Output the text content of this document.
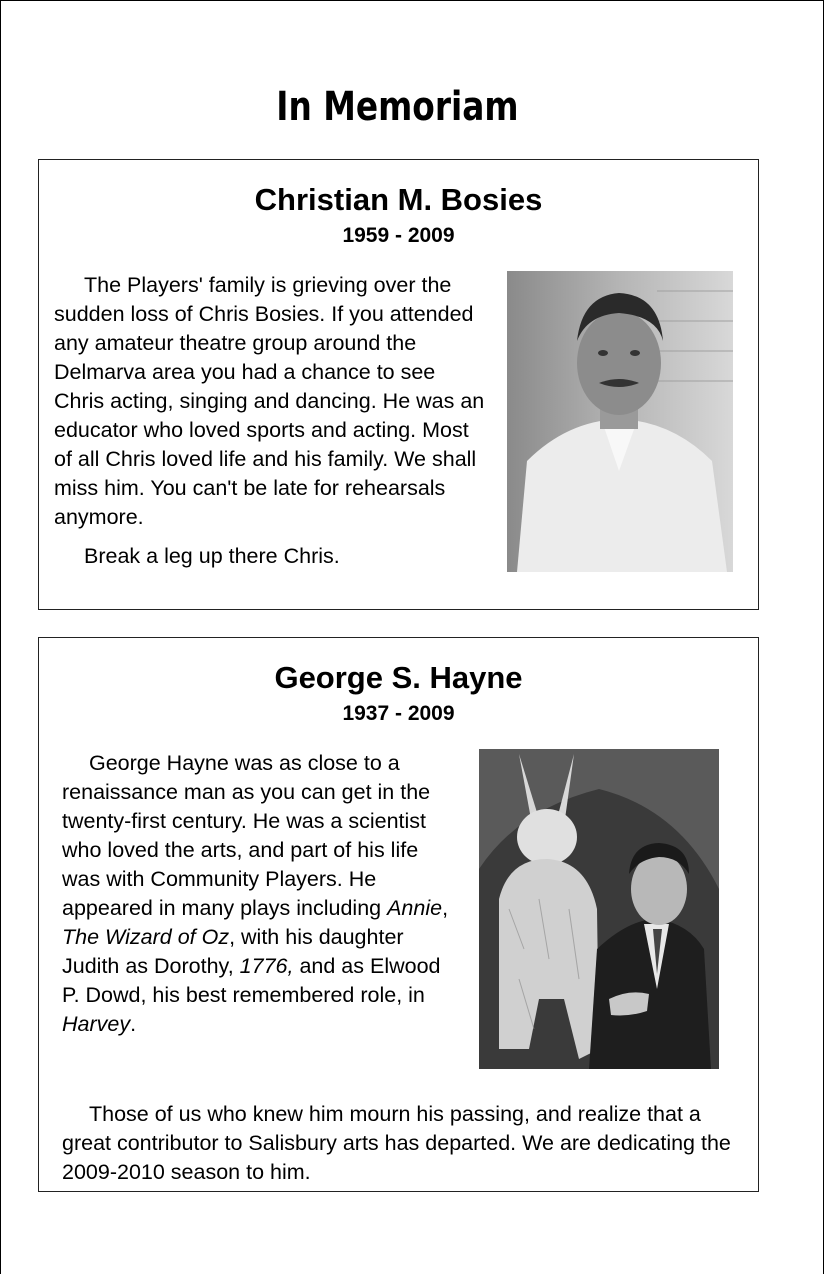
In Memoriam
Christian M. Bosies
1959 - 2009

The Players' family is grieving over the sudden loss of Chris Bosies. If you attended any amateur theatre group around the Delmarva area you had a chance to see Chris acting, singing and dancing. He was an educator who loved sports and acting. Most of all Chris loved life and his family. We shall miss him. You can't be late for rehearsals anymore.

Break a leg up there Chris.

George S. Hayne
1937 - 2009

George Hayne was as close to a renaissance man as you can get in the twenty-first century. He was a scientist who loved the arts, and part of his life was with Community Players. He appeared in many plays including Annie, The Wizard of Oz, with his daughter Judith as Dorothy, 1776, and as Elwood P. Dowd, his best remembered role, in Harvey.

Those of us who knew him mourn his passing, and realize that a great contributor to Salisbury arts has departed. We are dedicating the 2009-2010 season to him.
